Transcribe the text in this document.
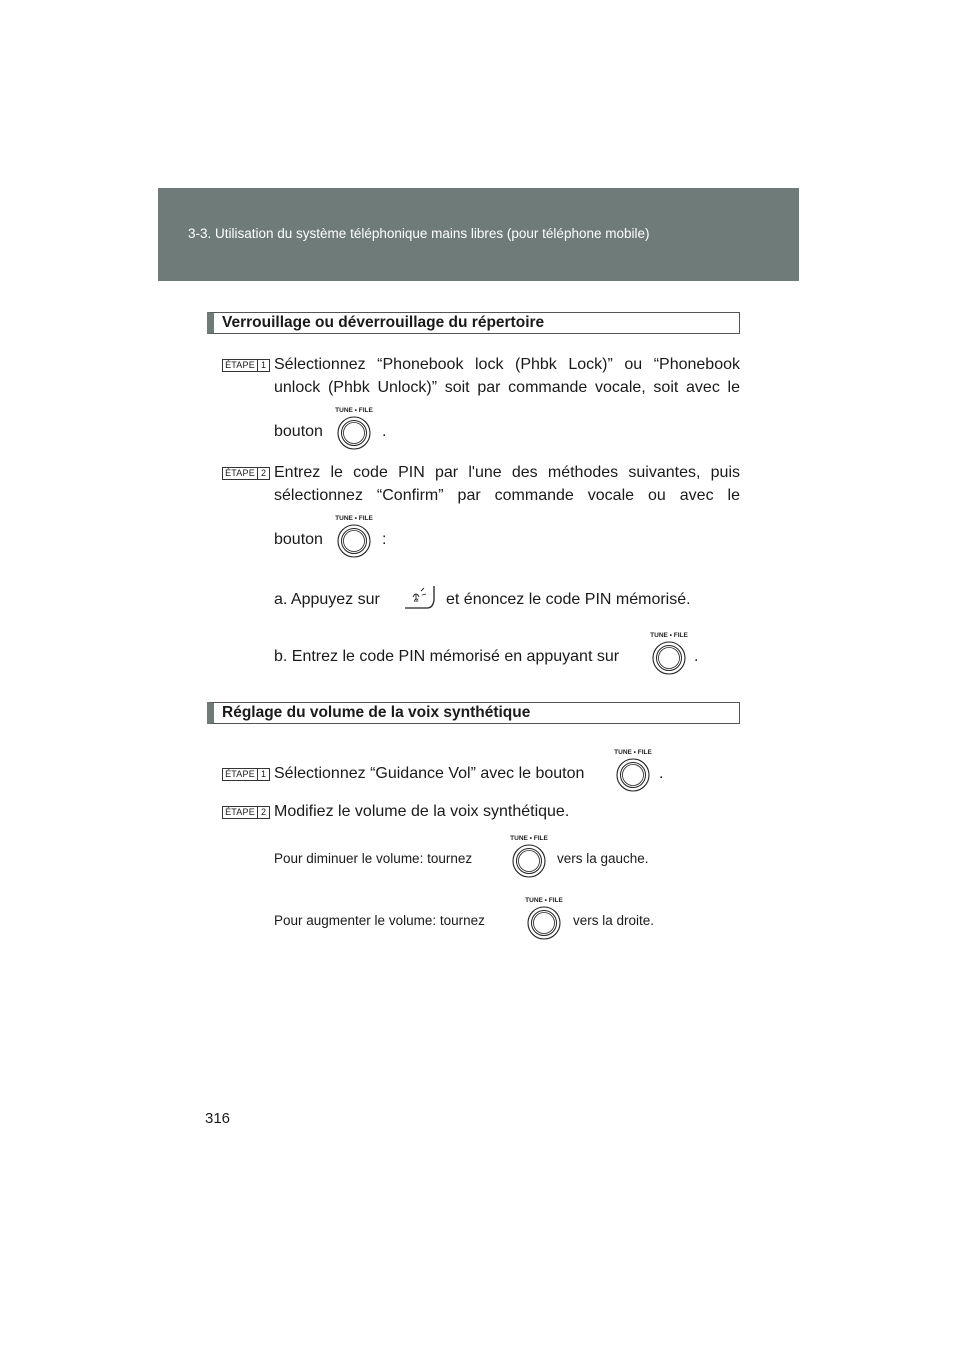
3-3. Utilisation du système téléphonique mains libres (pour téléphone mobile)
Verrouillage ou déverrouillage du répertoire
ÉTAPE 1 Sélectionnez “Phonebook lock (Phbk Lock)” ou “Phonebook
unlock (Phbk Unlock)” soit par commande vocale, soit avec le
bouton	.
ÉTAPE 2 Entrez le code PIN par l'une des méthodes suivantes, puis
sélectionnez “Confirm” par commande vocale ou avec le
bouton	:
a. Appuyez sur	𝒶 et énoncez le code PIN mémorisé.
b. Entrez le code PIN mémorisé en appuyant sur	.
Réglage du volume de la voix synthétique
ÉTAPE 1 Sélectionnez “Guidance Vol” avec le bouton	.
ÉTAPE 2 Modifiez le volume de la voix synthétique.
Pour diminuer le volume: tournez	vers la gauche.
Pour augmenter le volume: tournez	vers la droite.
316
